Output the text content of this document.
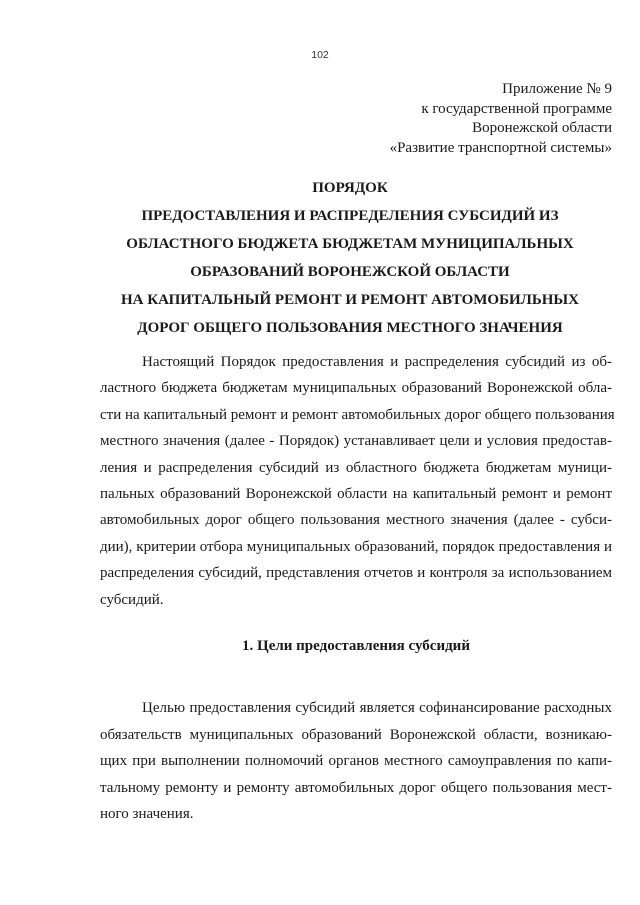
102
Приложение № 9
к государственной программе
Воронежской области
«Развитие транспортной системы»
ПОРЯДОК
ПРЕДОСТАВЛЕНИЯ И РАСПРЕДЕЛЕНИЯ СУБСИДИЙ ИЗ
ОБЛАСТНОГО БЮДЖЕТА БЮДЖЕТАМ МУНИЦИПАЛЬНЫХ
ОБРАЗОВАНИЙ ВОРОНЕЖСКОЙ ОБЛАСТИ
НА КАПИТАЛЬНЫЙ РЕМОНТ И РЕМОНТ АВТОМОБИЛЬНЫХ
ДОРОГ ОБЩЕГО ПОЛЬЗОВАНИЯ МЕСТНОГО ЗНАЧЕНИЯ
Настоящий Порядок предоставления и распределения субсидий из об-
ластного бюджета бюджетам муниципальных образований Воронежской обла-
сти на капитальный ремонт и ремонт автомобильных дорог общего пользования
местного значения (далее - Порядок) устанавливает цели и условия предостав-
ления и распределения субсидий из областного бюджета бюджетам муници-
пальных образований Воронежской области на капитальный ремонт и ремонт
автомобильных дорог общего пользования местного значения (далее - субси-
дии), критерии отбора муниципальных образований, порядок предоставления и
распределения субсидий, представления отчетов и контроля за использованием
субсидий.
1. Цели предоставления субсидий
Целью предоставления субсидий является софинансирование расходных
обязательств муниципальных образований Воронежской области, возникаю-
щих при выполнении полномочий органов местного самоуправления по капи-
тальному ремонту и ремонту автомобильных дорог общего пользования мест-
ного значения.
